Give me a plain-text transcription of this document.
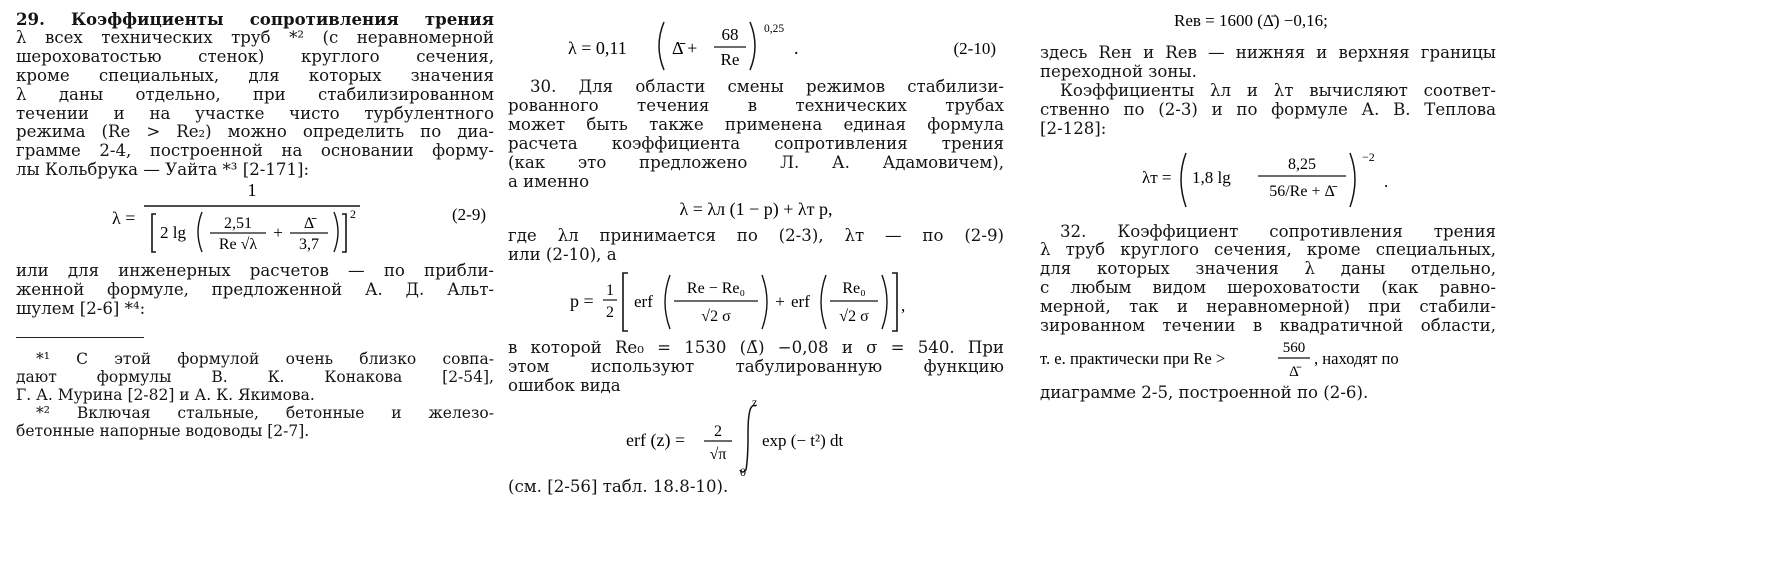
29. Коэффициенты сопротивления трения
λ всех технических труб *² (с неравномерной
шероховатостью стенок) круглого сечения,
кроме специальных, для которых значения
λ даны отдельно, при стабилизированном
течении и на участке чисто турбулентного
режима (Re > Re₂) можно определить по диа-
грамме 2-4, построенной на основании форму-
лы Кольбрука — Уайта *³ [2-171]:
λ =
1
2 lg 2,51
Re √λ
+ Δ̄
3,7
2	(2-9)
или для инженерных расчетов — по прибли-
женной формуле, предложенной А. Д. Альт-
шулем [2-6] *⁴:
*¹ С этой формулой очень близко совпа-
дают формулы В. К. Конакова [2-54],
Г. А. Мурина [2-82] и А. К. Якимова.
*² Включая стальные, бетонные и железо-
бетонные напорные водоводы [2-7].
λ = 0,11	Δ̄ +
68
Re
0,25
.	(2-10)
30. Для области смены режимов стабилизи-
рованного течения в технических трубах
может быть также применена единая формула
расчета коэффициента сопротивления трения
(как это предложено Л. А. Адамовичем),
а именно
λ = λл (1 − p) + λт p,
где λл принимается по (2-3), λт — по (2-9)
или (2-10), а
p =
1
2
erf
Re − Re₀
√2 σ
+ erf
Re₀
√2 σ
,
в которой Re₀ = 1530 (Δ̄) −0,08 и σ = 540. При
этом используют табулированную функцию
ошибок вида
erf (z) = 2
√π
z
0
exp (− t²) dt
(см. [2-56] табл. 18.8-10).
Reв = 1600 (Δ̄) −0,16;
здесь Reн и Reв — нижняя и верхняя границы
переходной зоны.
Коэффициенты λл и λт вычисляют соответ-
ственно по (2-3) и по формуле А. В. Теплова
[2-128]:
λт = 1,8 lg
8,25
56/Re + Δ̄
−2
.
32. Коэффициент сопротивления трения
λ труб круглого сечения, кроме специальных,
для которых значения λ даны отдельно,
с любым видом шероховатости (как равно-
мерной, так и неравномерной) при стабили-
зированном течении в квадратичной области,
т. е. практически при Re >
560
Δ̄
, находят по
диаграмме 2-5, построенной по (2-6).
